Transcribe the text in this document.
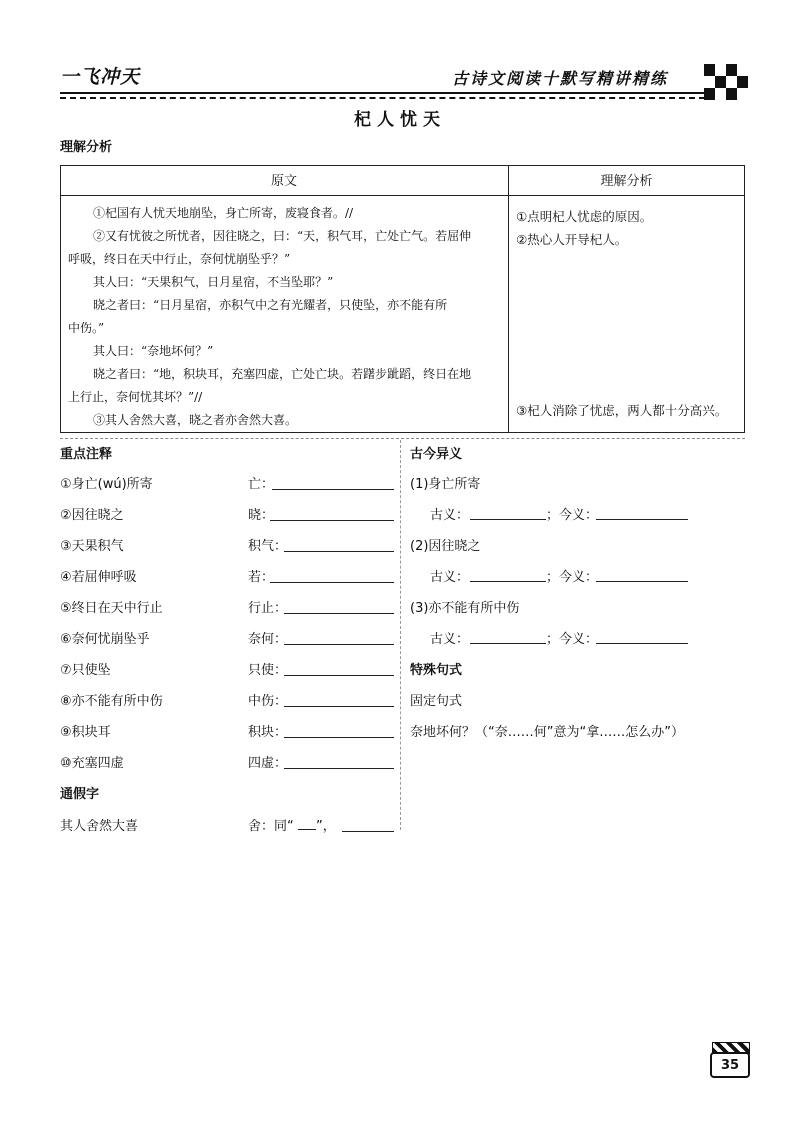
一飞冲天	古诗文阅读十默写精讲精练
杞人忧天
理解分析
原文	理解分析
①杞国有人忧天地崩坠，身亡所寄，废寝食者。//
②又有忧彼之所忧者，因往晓之，曰：“天，积气耳，亡处亡气。若屈伸
呼吸，终日在天中行止，奈何忧崩坠乎？”
其人曰：“天果积气，日月星宿，不当坠耶？”
晓之者曰：“日月星宿，亦积气中之有光耀者，只使坠，亦不能有所
中伤。”
其人曰：“奈地坏何？”
晓之者曰：“地，积块耳，充塞四虚，亡处亡块。若躇步跐蹈，终日在地
上行止，奈何忧其坏？”//
③其人舍然大喜，晓之者亦舍然大喜。
①点明杞人忧虑的原因。
②热心人开导杞人。
③杞人消除了忧虑，两人都十分高兴。
重点注释
①身亡(wú)所寄	亡：
②因往晓之	晓：
③天果积气	积气：
④若屈伸呼吸	若：
⑤终日在天中行止	行止：
⑥奈何忧崩坠乎	奈何：
⑦只使坠	只使：
⑧亦不能有所中伤	中伤：
⑨积块耳	积块：
⑩充塞四虚	四虚：
通假字
其人舍然大喜	舍：同“ ”，
古今异义
(1)身亡所寄
古义：	；今义：
(2)因往晓之
古义：	；今义：
(3)亦不能有所中伤
古义：	；今义：
特殊句式
固定句式
奈地坏何？（“奈……何”意为“拿……怎么办”）
35
